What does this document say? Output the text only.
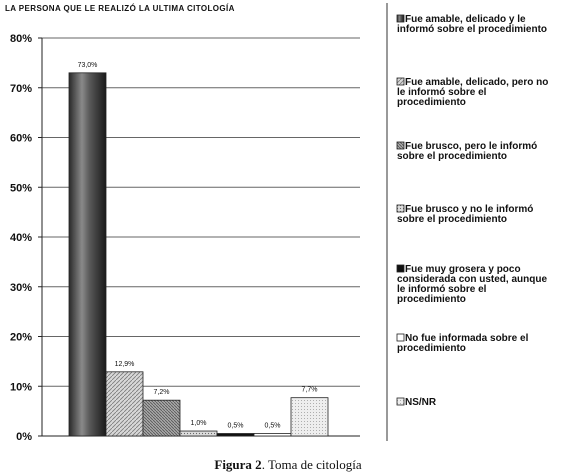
LA PERSONA QUE LE REALIZÓ LA ULTIMA CITOLOGÍA
0%
10%
20%
30%
40%
50%
60%
70%
80%
73,0%
12,9%
7,2%
1,0%	0,5%	0,5%
7,7%
Fue amable, delicado y le informó sobre el procedimiento
Fue amable, delicado, pero no le informó sobre el procedimiento
Fue brusco, pero le informó sobre el procedimiento
Fue brusco y no le informó sobre el procedimiento
Fue muy grosera y poco considerada con usted, aunque le informó sobre el procedimiento
No fue informada sobre el procedimiento
NS/NR
Figura 2. Toma de citología
